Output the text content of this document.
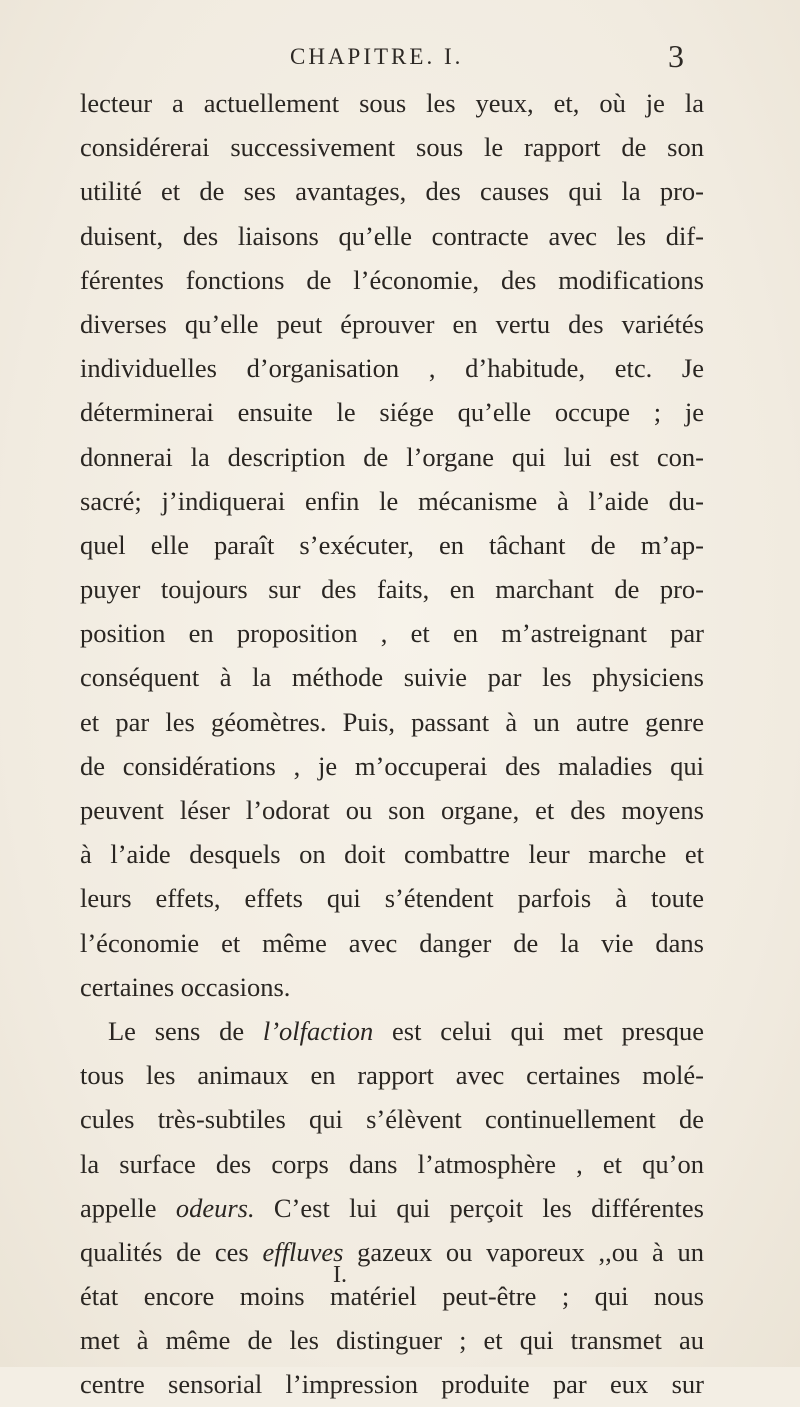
CHAPITRE. I.	3
lecteur a actuellement sous les yeux, et, où je la
considérerai successivement sous le rapport de son
utilité et de ses avantages, des causes qui la pro-
duisent, des liaisons qu’elle contracte avec les dif-
férentes fonctions de l’économie, des modifications
diverses qu’elle peut éprouver en vertu des variétés
individuelles d’organisation , d’habitude, etc. Je
déterminerai ensuite le siége qu’elle occupe ; je
donnerai la description de l’organe qui lui est con-
sacré; j’indiquerai enfin le mécanisme à l’aide du-
quel elle paraît s’exécuter, en tâchant de m’ap-
puyer toujours sur des faits, en marchant de pro-
position en proposition , et en m’astreignant par
conséquent à la méthode suivie par les physiciens
et par les géomètres. Puis, passant à un autre genre
de considérations , je m’occuperai des maladies qui
peuvent léser l’odorat ou son organe, et des moyens
à l’aide desquels on doit combattre leur marche et
leurs effets, effets qui s’étendent parfois à toute
l’économie et même avec danger de la vie dans
certaines occasions.
Le sens de l’olfaction est celui qui met presque
tous les animaux en rapport avec certaines molé-
cules très-subtiles qui s’élèvent continuellement de
la surface des corps dans l’atmosphère , et qu’on
appelle odeurs. C’est lui qui perçoit les différentes
qualités de ces effluves gazeux ou vaporeux ,,ou à un
état encore moins matériel peut-être ; qui nous
met à même de les distinguer ; et qui transmet au
centre sensorial l’impression produite par eux sur
I.
